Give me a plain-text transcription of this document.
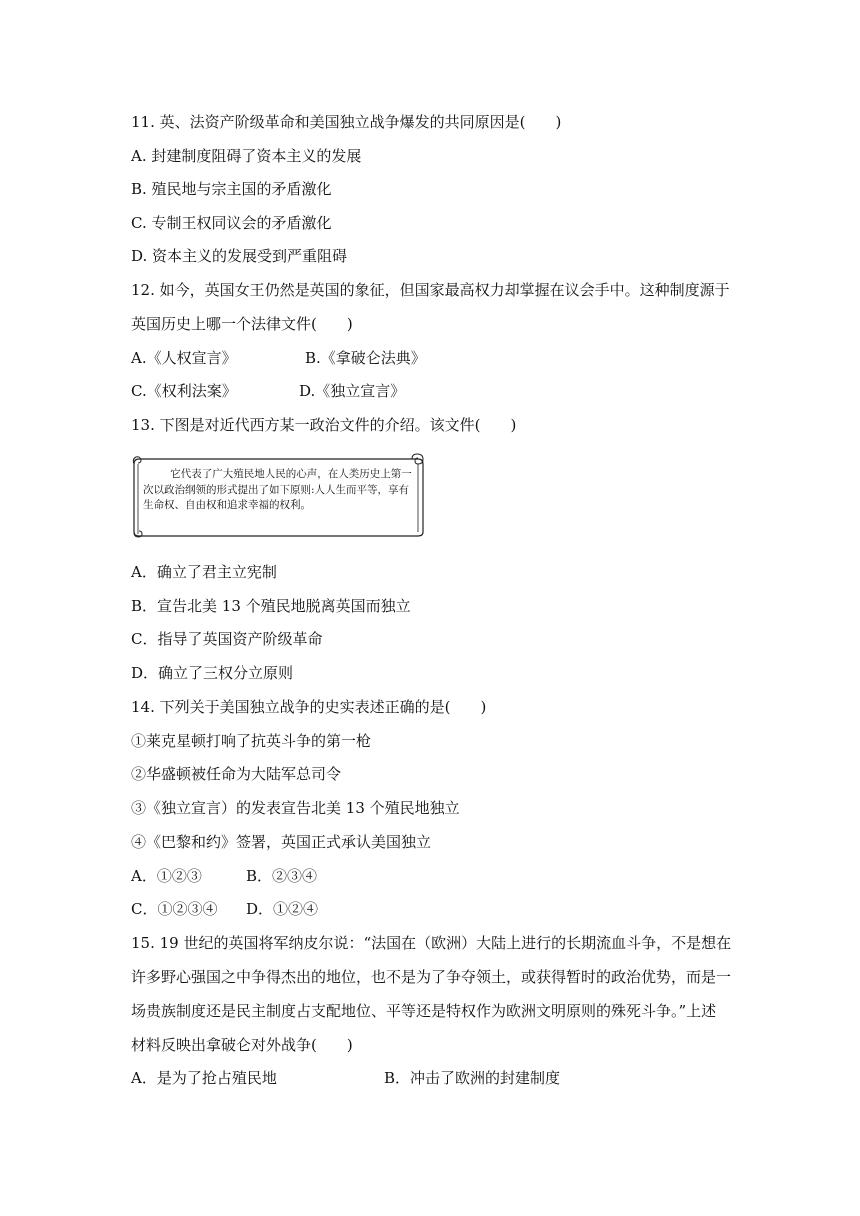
11. 英、法资产阶级革命和美国独立战争爆发的共同原因是(　　)
A. 封建制度阻碍了资本主义的发展
B. 殖民地与宗主国的矛盾激化
C. 专制王权同议会的矛盾激化
D. 资本主义的发展受到严重阻碍
12. 如今，英国女王仍然是英国的象征，但国家最高权力却掌握在议会手中。这种制度源于
英国历史上哪一个法律文件(　　)
A.《人权宣言》	B.《拿破仑法典》
C.《权利法案》	D.《独立宣言》
13. 下图是对近代西方某一政治文件的介绍。该文件(　　)
它代表了广大殖民地人民的心声，在人类历史上第一次以政治纲领的形式提出了如下原则:人人生而平等，享有生命权、自由权和追求幸福的权利。
A．确立了君主立宪制
B．宣告北美 13 个殖民地脱离英国而独立
C．指导了英国资产阶级革命
D．确立了三权分立原则
14. 下列关于美国独立战争的史实表述正确的是(　　)
①莱克星顿打响了抗英斗争的第一枪
②华盛顿被任命为大陆军总司令
③《独立宣言）的发表宣告北美 13 个殖民地独立
④《巴黎和约》签署，英国正式承认美国独立
A．①②③	B．②③④
C．①②③④ D．①②④
15. 19 世纪的英国将军纳皮尔说：“法国在（欧洲）大陆上进行的长期流血斗争，不是想在
许多野心强国之中争得杰出的地位，也不是为了争夺领土，或获得暂时的政治优势，而是一
场贵族制度还是民主制度占支配地位、平等还是特权作为欧洲文明原则的殊死斗争。”上述
材料反映出拿破仑对外战争(　　)
A．是为了抢占殖民地	B．冲击了欧洲的封建制度
